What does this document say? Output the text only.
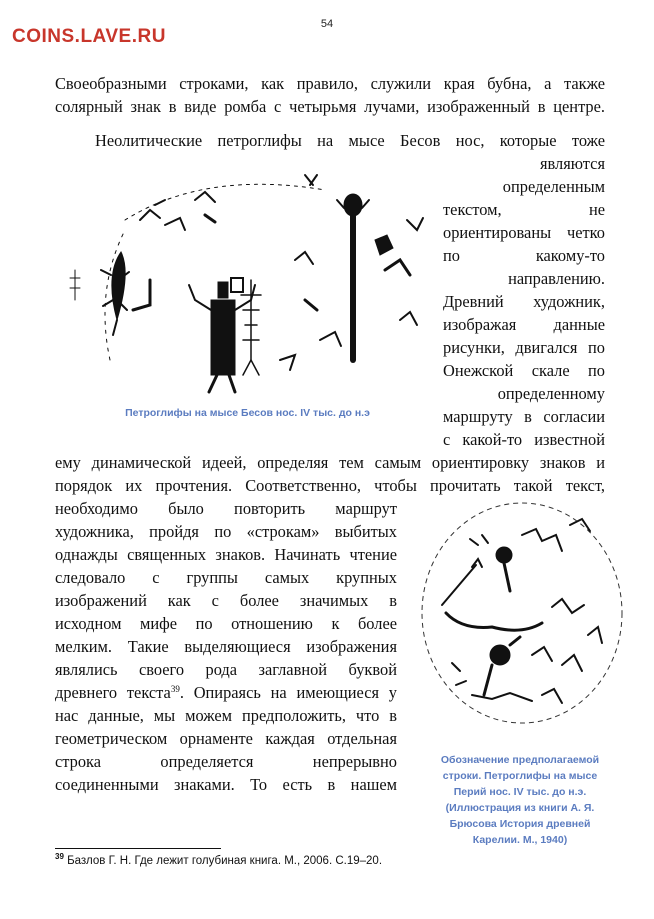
COINS.LAVE.RU
54
Своеобразными строками, как правило, служили края бубна, а также
солярный знак в виде ромба с четырьмя лучами, изображенный в центре.
Неолитические петроглифы на мысе Бесов нос, которые тоже
являются
определенным
текстом, не
ориентированы четко
по какому-то
направлению.
Древний художник,
изображая данные
рисунки, двигался по
Онежской скале по
определенному
маршруту в согласии
с какой-то известной
ему динамической идеей, определяя тем самым ориентировку знаков и
порядок их прочтения. Соответственно, чтобы прочитать такой текст,
необходимо было повторить маршрут
художника, пройдя по «строкам» выбитых
однажды священных знаков. Начинать чтение
следовало с группы самых крупных
изображений как с более значимых в
исходном мифе по отношению к более
мелким. Такие выделяющиеся изображения
являлись своего рода заглавной буквой
древнего текста$^{39}$. Опираясь на имеющиеся у
нас данные, мы можем предположить, что в
геометрическом орнаменте каждая отдельная
строка определяется непрерывно
соединенными знаками. То есть в нашем
Петроглифы на мысе Бесов нос. IV тыс. до н.э
Обозначение предполагаемой
строки. Петроглифы на мысе
Перий нос. IV тыс. до н.э.
(Иллюстрация из книги А. Я.
Брюсова История древней
Карелии. М., 1940)
$^{39}$ Базлов Г. Н. Где лежит голубиная книга. М., 2006. С.19–20.
